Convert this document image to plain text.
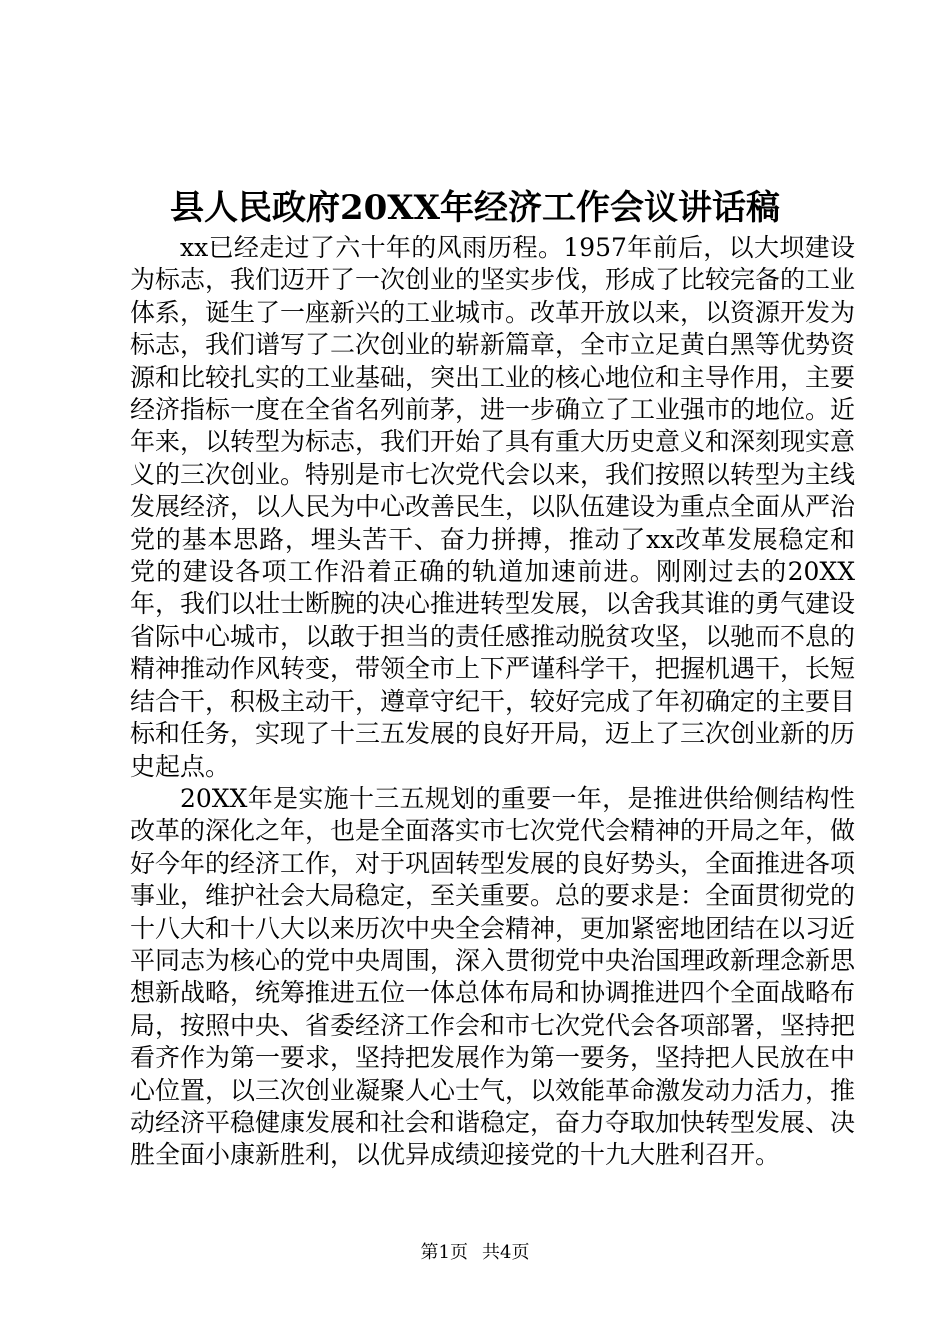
县人民政府20XX年经济工作会议讲话稿

xx已经走过了六十年的风雨历程。1957年前后，以大坝建设为标志，我们迈开了一次创业的坚实步伐，形成了比较完备的工业体系，诞生了一座新兴的工业城市。改革开放以来，以资源开发为标志，我们谱写了二次创业的崭新篇章，全市立足黄白黑等优势资源和比较扎实的工业基础，突出工业的核心地位和主导作用，主要经济指标一度在全省名列前茅，进一步确立了工业强市的地位。近年来，以转型为标志，我们开始了具有重大历史意义和深刻现实意义的三次创业。特别是市七次党代会以来，我们按照以转型为主线发展经济，以人民为中心改善民生，以队伍建设为重点全面从严治党的基本思路，埋头苦干、奋力拼搏，推动了xx改革发展稳定和党的建设各项工作沿着正确的轨道加速前进。刚刚过去的20XX年，我们以壮士断腕的决心推进转型发展，以舍我其谁的勇气建设省际中心城市，以敢于担当的责任感推动脱贫攻坚，以驰而不息的精神推动作风转变，带领全市上下严谨科学干，把握机遇干，长短结合干，积极主动干，遵章守纪干，较好完成了年初确定的主要目标和任务，实现了十三五发展的良好开局，迈上了三次创业新的历史起点。

20XX年是实施十三五规划的重要一年，是推进供给侧结构性改革的深化之年，也是全面落实市七次党代会精神的开局之年，做好今年的经济工作，对于巩固转型发展的良好势头，全面推进各项事业，维护社会大局稳定，至关重要。总的要求是：全面贯彻党的十八大和十八大以来历次中央全会精神，更加紧密地团结在以习近平同志为核心的党中央周围，深入贯彻党中央治国理政新理念新思想新战略，统筹推进五位一体总体布局和协调推进四个全面战略布局，按照中央、省委经济工作会和市七次党代会各项部署，坚持把看齐作为第一要求，坚持把发展作为第一要务，坚持把人民放在中心位置，以三次创业凝聚人心士气，以效能革命激发动力活力，推动经济平稳健康发展和社会和谐稳定，奋力夺取加快转型发展、决胜全面小康新胜利，以优异成绩迎接党的十九大胜利召开。

第1页 共4页
